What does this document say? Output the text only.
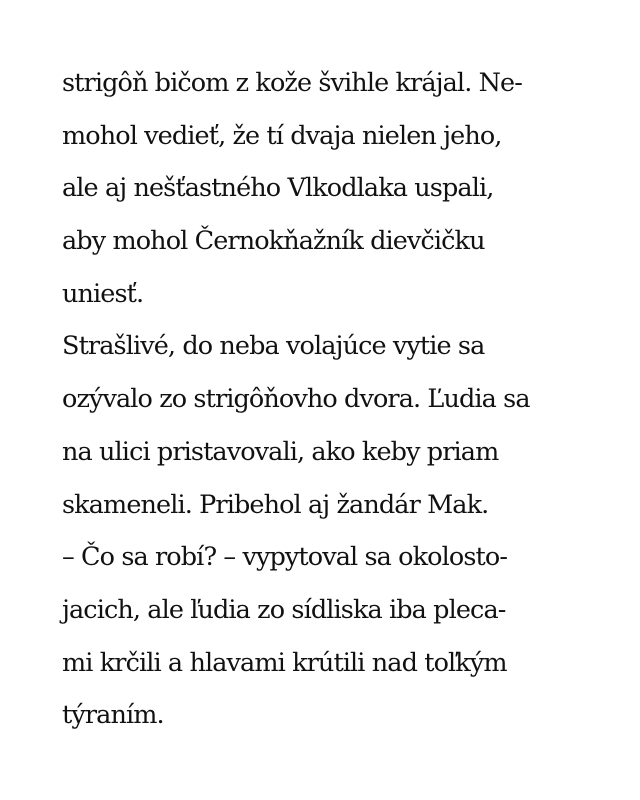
strigôň bičom z kože švihle krájal. Ne-
mohol vedieť, že tí dvaja nielen jeho,
ale aj nešťastného Vlkodlaka uspali,
aby mohol Černokňažník dievčičku
uniesť.
Strašlivé, do neba volajúce vytie sa
ozývalo zo strigôňovho dvora. Ľudia sa
na ulici pristavovali, ako keby priam
skameneli. Pribehol aj žandár Mak.
– Čo sa robí? – vypytoval sa okolosto-
jacich, ale ľudia zo sídliska iba pleca-
mi krčili a hlavami krútili nad toľkým
týraním.
